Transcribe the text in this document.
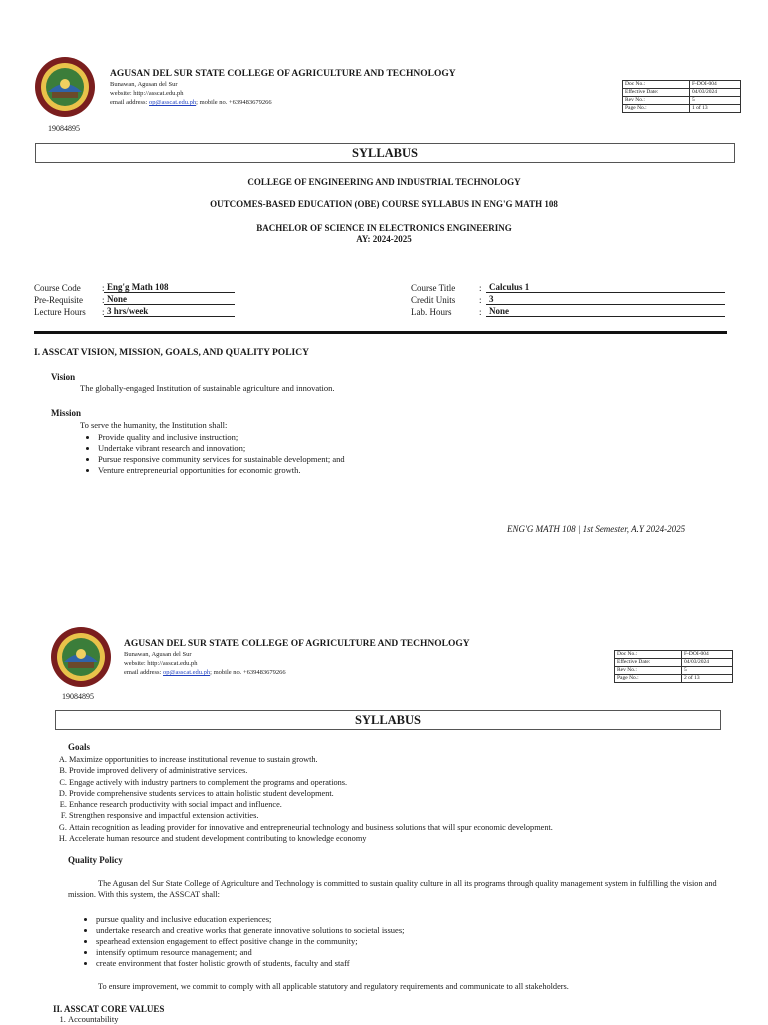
19084895
AGUSAN DEL SUR STATE COLLEGE OF AGRICULTURE AND TECHNOLOGY
Bunawan, Agusan del Sur
website: http://asscat.edu.ph
email address: op@asscat.edu.ph; mobile no. +639483679266
Doc No.:	F-DOI-004
Effective Date:	04/03/2024
Rev No.:	5
Page No.:	1 of 13
SYLLABUS
COLLEGE OF ENGINEERING AND INDUSTRIAL TECHNOLOGY
OUTCOMES-BASED EDUCATION (OBE) COURSE SYLLABUS IN ENG'G MATH 108
BACHELOR OF SCIENCE IN ELECTRONICS ENGINEERING
AY: 2024-2025
Course Code : Eng'g Math 108
Pre-Requisite : None
Lecture Hours : 3 hrs/week
Course Title	: Calculus 1
Credit Units	: 3
Lab. Hours	: None
I. ASSCAT VISION, MISSION, GOALS, AND QUALITY POLICY
Vision
The globally-engaged Institution of sustainable agriculture and innovation.
Mission
To serve the humanity, the Institution shall:
• Provide quality and inclusive instruction;
• Undertake vibrant research and innovation;
• Pursue responsive community services for sustainable development; and
• Venture entrepreneurial opportunities for economic growth.
ENG'G MATH 108 | 1st Semester, A.Y 2024-2025
19084895
AGUSAN DEL SUR STATE COLLEGE OF AGRICULTURE AND TECHNOLOGY
Bunawan, Agusan del Sur
website: http://asscat.edu.ph
email address: op@asscat.edu.ph; mobile no. +639483679266
Doc No.:	F-DOI-004
Effective Date:	04/03/2024
Rev No.:	5
Page No.:	2 of 13
SYLLABUS
Goals
A. Maximize opportunities to increase institutional revenue to sustain growth.
B. Provide improved delivery of administrative services.
C. Engage actively with industry partners to complement the programs and operations.
D. Provide comprehensive students services to attain holistic student development.
E. Enhance research productivity with social impact and influence.
F. Strengthen responsive and impactful extension activities.
G. Attain recognition as leading provider for innovative and entrepreneurial technology and business solutions that will spur economic development.
H. Accelerate human resource and student development contributing to knowledge economy
Quality Policy
The Agusan del Sur State College of Agriculture and Technology is committed to sustain quality culture in all its programs through quality management system in fulfilling the vision and mission. With this system, the ASSCAT shall:
• pursue quality and inclusive education experiences;
• undertake research and creative works that generate innovative solutions to societal issues;
• spearhead extension engagement to effect positive change in the community;
• intensify optimum resource management; and
• create environment that foster holistic growth of students, faculty and staff
To ensure improvement, we commit to comply with all applicable statutory and regulatory requirements and communicate to all stakeholders.
II. ASSCAT CORE VALUES
1. Accountability
